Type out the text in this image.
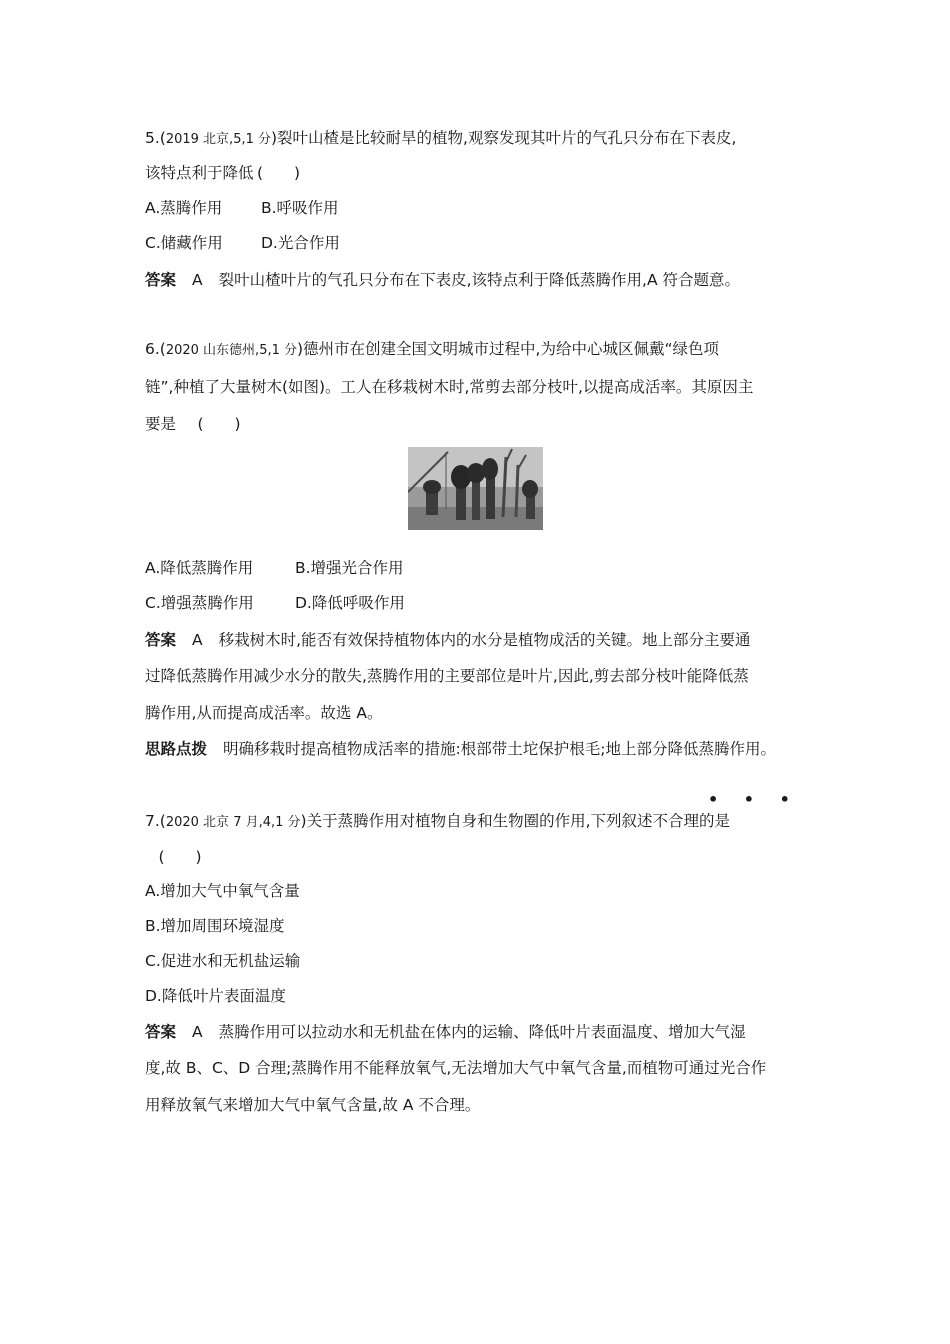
5.(2019 北京,5,1 分)裂叶山楂是比较耐旱的植物,观察发现其叶片的气孔只分布在下表皮,
该特点利于降低 (　　)
A.蒸腾作用 B.呼吸作用
C.储藏作用 D.光合作用
答案 A 裂叶山楂叶片的气孔只分布在下表皮,该特点利于降低蒸腾作用,A 符合题意。
6.(2020 山东德州,5,1 分)德州市在创建全国文明城市过程中,为给中心城区佩戴“绿色项
链”,种植了大量树木(如图)。工人在移栽树木时,常剪去部分枝叶,以提高成活率。其原因主
要是 (　　)
A.降低蒸腾作用	B.增强光合作用
C.增强蒸腾作用	D.降低呼吸作用
答案 A 移栽树木时,能否有效保持植物体内的水分是植物成活的关键。地上部分主要通
过降低蒸腾作用减少水分的散失,蒸腾作用的主要部位是叶片,因此,剪去部分枝叶能降低蒸
腾作用,从而提高成活率。故选 A。
思路点拨 明确移栽时提高植物成活率的措施:根部带土坨保护根毛;地上部分降低蒸腾作用。
• • •
7.(2020 北京 7 月,4,1 分)关于蒸腾作用对植物自身和生物圈的作用,下列叙述不合理的是
(　　)
A.增加大气中氧气含量
B.增加周围环境湿度
C.促进水和无机盐运输
D.降低叶片表面温度
答案 A 蒸腾作用可以拉动水和无机盐在体内的运输、降低叶片表面温度、增加大气湿
度,故 B、C、D 合理;蒸腾作用不能释放氧气,无法增加大气中氧气含量,而植物可通过光合作
用释放氧气来增加大气中氧气含量,故 A 不合理。
